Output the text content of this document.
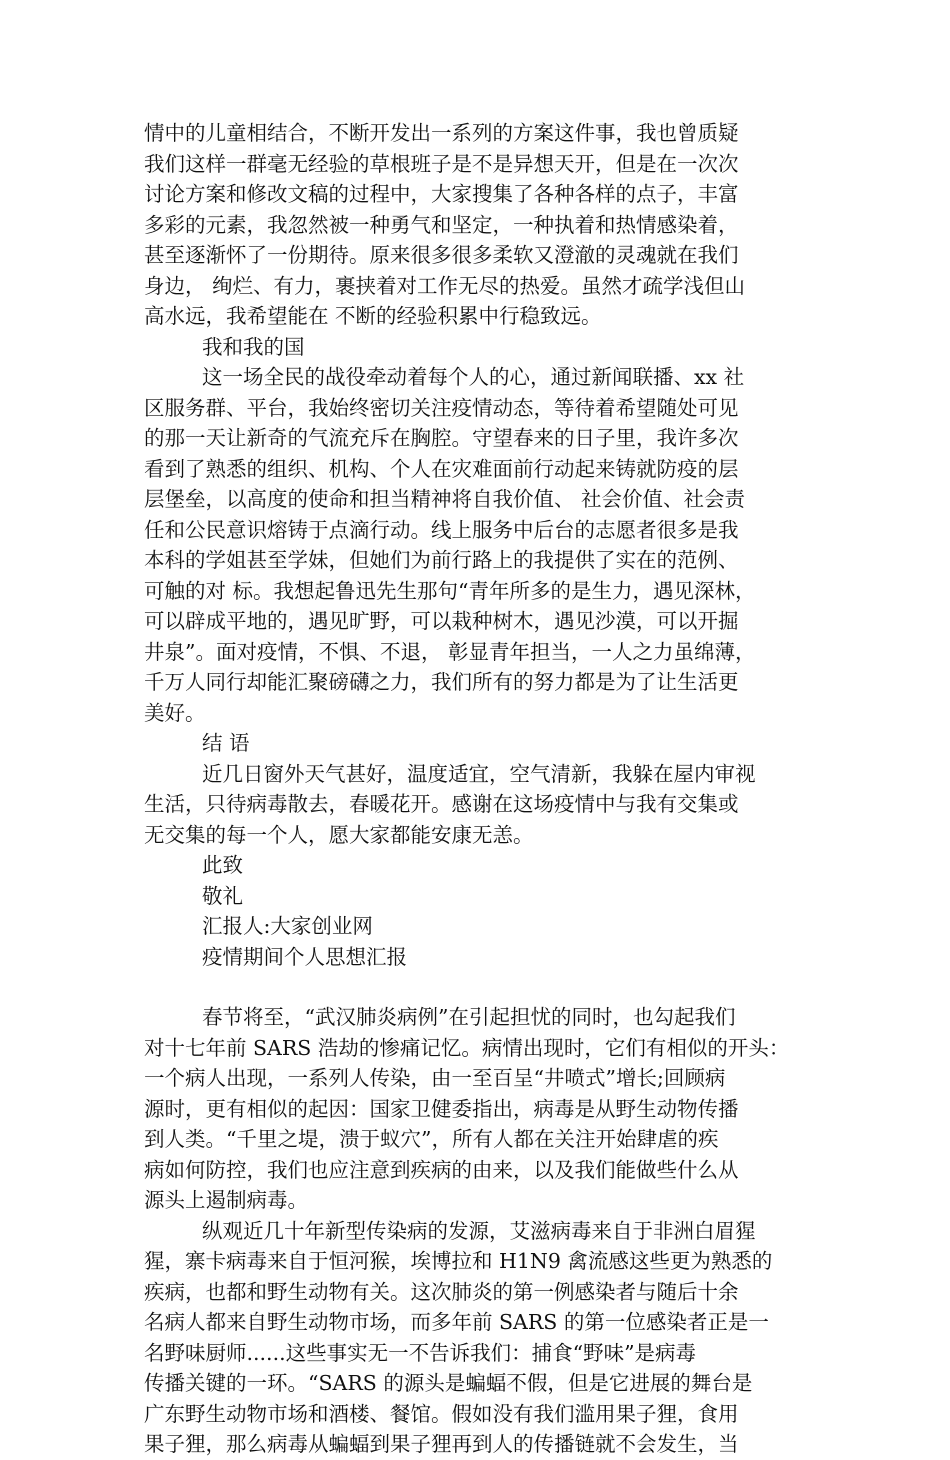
情中的儿童相结合，不断开发出一系列的方案这件事，我也曾质疑
我们这样一群毫无经验的草根班子是不是异想天开，但是在一次次
讨论方案和修改文稿的过程中，大家搜集了各种各样的点子，丰富
多彩的元素，我忽然被一种勇气和坚定，一种执着和热情感染着，
甚至逐渐怀了一份期待。原来很多很多柔软又澄澈的灵魂就在我们
身边， 绚烂、有力，裹挟着对工作无尽的热爱。虽然才疏学浅但山
高水远，我希望能在 不断的经验积累中行稳致远。
我和我的国
这一场全民的战役牵动着每个人的心，通过新闻联播、xx 社
区服务群、平台，我始终密切关注疫情动态，等待着希望随处可见
的那一天让新奇的气流充斥在胸腔。守望春来的日子里，我许多次
看到了熟悉的组织、机构、个人在灾难面前行动起来铸就防疫的层
层堡垒，以高度的使命和担当精神将自我价值、 社会价值、社会责
任和公民意识熔铸于点滴行动。线上服务中后台的志愿者很多是我
本科的学姐甚至学妹，但她们为前行路上的我提供了实在的范例、
可触的对 标。我想起鲁迅先生那句“青年所多的是生力，遇见深林，
可以辟成平地的，遇见旷野，可以栽种树木，遇见沙漠，可以开掘
井泉”。面对疫情，不惧、不退， 彰显青年担当，一人之力虽绵薄，
千万人同行却能汇聚磅礴之力，我们所有的努力都是为了让生活更
美好。
结 语
近几日窗外天气甚好，温度适宜，空气清新，我躲在屋内审视
生活，只待病毒散去，春暖花开。感谢在这场疫情中与我有交集或
无交集的每一个人，愿大家都能安康无恙。
此致
敬礼
汇报人:大家创业网
疫情期间个人思想汇报
春节将至，“武汉肺炎病例”在引起担忧的同时，也勾起我们
对十七年前 SARS 浩劫的惨痛记忆。病情出现时，它们有相似的开头：
一个病人出现，一系列人传染，由一至百呈“井喷式”增长;回顾病
源时，更有相似的起因：国家卫健委指出，病毒是从野生动物传播
到人类。“千里之堤，溃于蚁穴”，所有人都在关注开始肆虐的疾
病如何防控，我们也应注意到疾病的由来，以及我们能做些什么从
源头上遏制病毒。
纵观近几十年新型传染病的发源，艾滋病毒来自于非洲白眉猩
猩，寨卡病毒来自于恒河猴，埃博拉和 H1N9 禽流感这些更为熟悉的
疾病，也都和野生动物有关。这次肺炎的第一例感染者与随后十余
名病人都来自野生动物市场，而多年前 SARS 的第一位感染者正是一
名野味厨师......这些事实无一不告诉我们：捕食“野味”是病毒
传播关键的一环。“SARS 的源头是蝙蝠不假，但是它进展的舞台是
广东野生动物市场和酒楼、餐馆。假如没有我们滥用果子狸，食用
果子狸，那么病毒从蝙蝠到果子狸再到人的传播链就不会发生，当
